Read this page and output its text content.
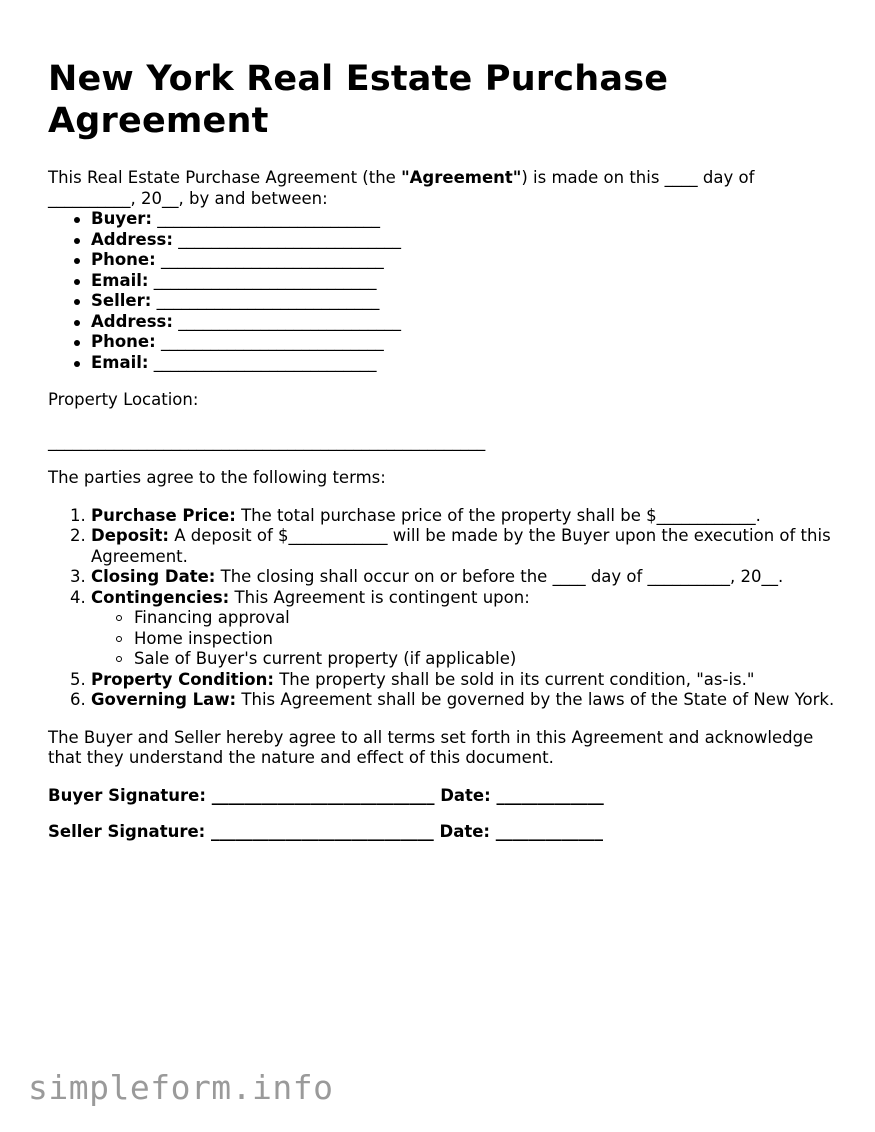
New York Real Estate Purchase Agreement

This Real Estate Purchase Agreement (the "Agreement") is made on this ____ day of __________, 20__, by and between:

Buyer: ___________________________
Address: ___________________________
Phone: ___________________________
Email: ___________________________
Seller: ___________________________
Address: ___________________________
Phone: ___________________________
Email: ___________________________

Property Location:

_____________________________________________________

The parties agree to the following terms:

1. Purchase Price: The total purchase price of the property shall be $____________.
2. Deposit: A deposit of $____________ will be made by the Buyer upon the execution of this Agreement.
3. Closing Date: The closing shall occur on or before the ____ day of __________, 20__.
4. Contingencies: This Agreement is contingent upon:
Financing approval
Home inspection
Sale of Buyer's current property (if applicable)
5. Property Condition: The property shall be sold in its current condition, "as-is."
6. Governing Law: This Agreement shall be governed by the laws of the State of New York.

The Buyer and Seller hereby agree to all terms set forth in this Agreement and acknowledge that they understand the nature and effect of this document.

Buyer Signature: ___________________________ Date: _____________

Seller Signature: ___________________________ Date: _____________

simpleform.info
